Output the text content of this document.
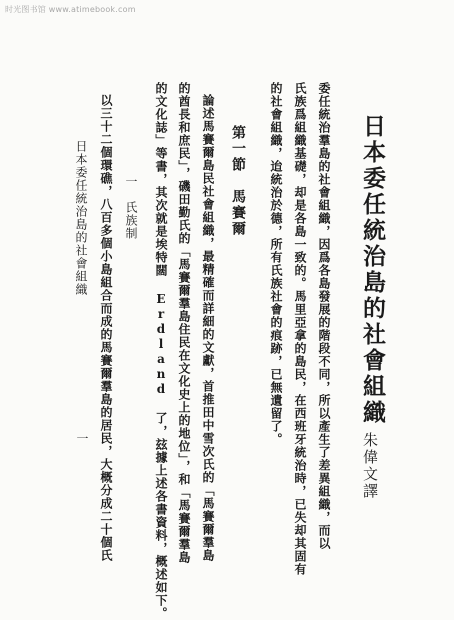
时光图书馆 www.atimebook.com
日本委任統治島的社會組織
朱偉文譯
委任統治羣島的社會組織，因爲各島發展的階段不同，所以產生了差異組織，而以
氏族爲組織基礎，却是各島一致的。馬里亞拿的島民，在西班牙統治時，已失却其固有
的社會組織，迨統治於德，所有氏族社會的痕跡，已無遺留了。
第一節　馬賽爾
論述馬賽爾島民社會組織，最精確而詳細的文獻，首推田中雪次氏的「馬賽爾羣島
的酋長和庶民」，磯田勤氏的「馬賽爾羣島住民在文化史上的地位」，和「馬賽爾羣島
的文化誌」等書，其次就是埃特闊 Erdland 了，玆據上述各書資料，概述如下。
一　氏族制
以三十二個環礁，八百多個小島組合而成的馬賽爾羣島的居民，大概分成二十個氏
日本委任統治島的社會組織
一
